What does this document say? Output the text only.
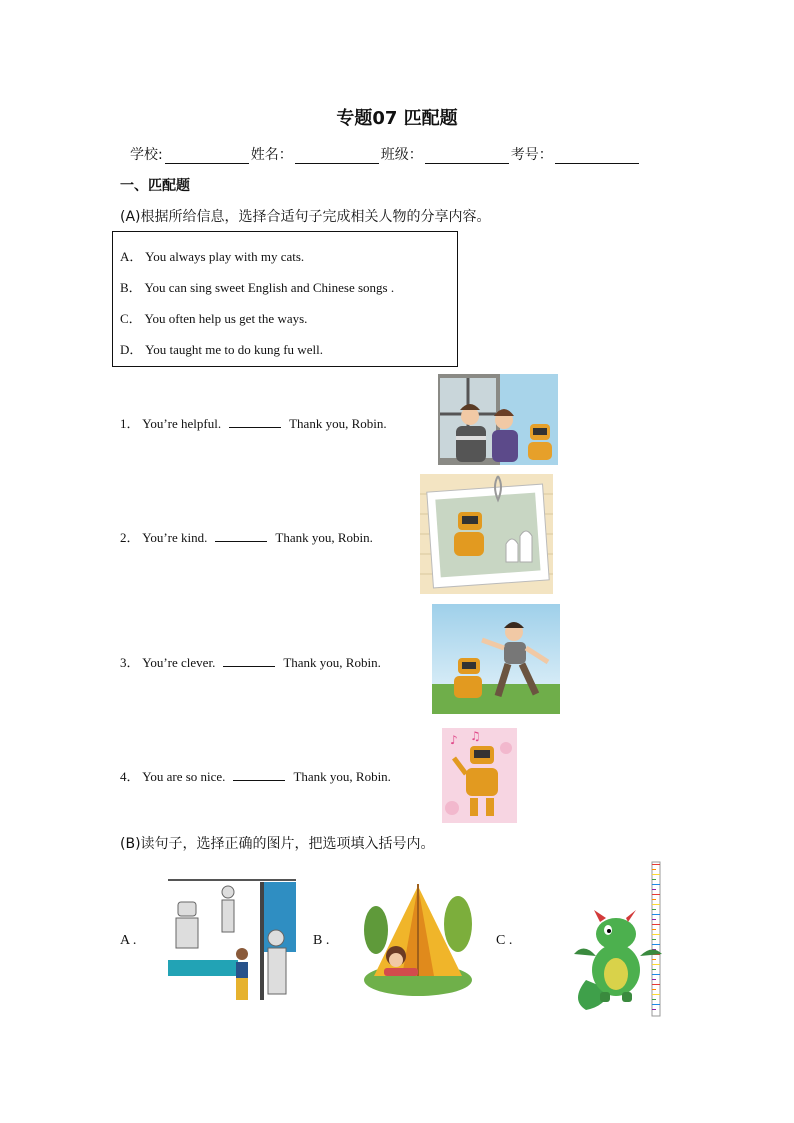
专题07 匹配题
学校:	姓名：	班级：	考号：
一、匹配题
(A)根据所给信息，选择合适句子完成相关人物的分享内容。
A． You always play with my cats.
B． You can sing sweet English and Chinese songs .
C． You often help us get the ways.
D． You taught me to do kung fu well.
1． You’re helpful.	Thank you, Robin.
2． You’re kind.	Thank you, Robin.
3． You’re clever.	Thank you, Robin.
4． You are so nice.	Thank you, Robin.
♪ ♫
(B)读句子，选择正确的图片，把选项填入括号内。
A .	B .	C .
